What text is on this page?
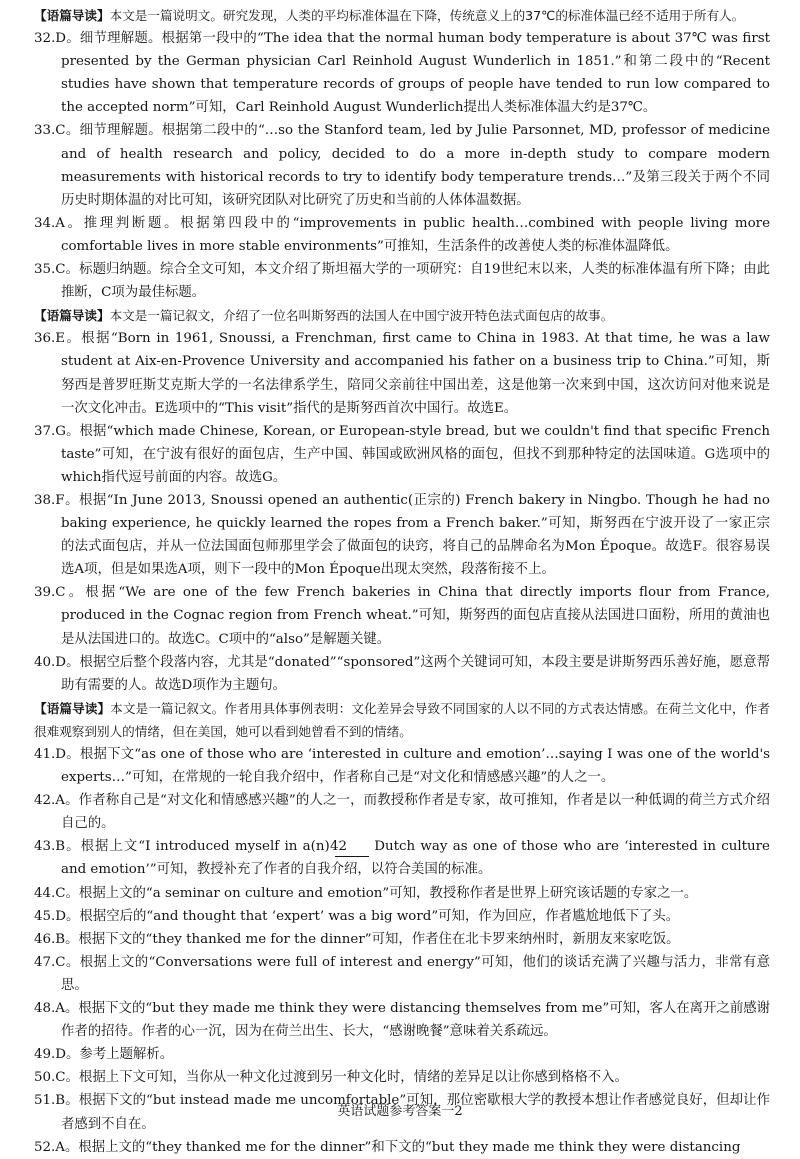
【语篇导读】本文是一篇说明文。研究发现，人类的平均标准体温在下降，传统意义上的37℃的标准体温已经不适用于所有人。

32.D。细节理解题。根据第一段中的“The idea that the normal human body temperature is about 37℃ was first presented by the German physician Carl Reinhold August Wunderlich in 1851.”和第二段中的“Recent studies have shown that temperature records of groups of people have tended to run low compared to the accepted norm”可知，Carl Reinhold August Wunderlich提出人类标准体温大约是37℃。

33.C。细节理解题。根据第二段中的“…so the Stanford team, led by Julie Parsonnet, MD, professor of medicine and of health research and policy, decided to do a more in-depth study to compare modern measurements with historical records to try to identify body temperature trends…”及第三段关于两个不同历史时期体温的对比可知，该研究团队对比研究了历史和当前的人体体温数据。

34.A。推理判断题。根据第四段中的“improvements in public health…combined with people living more comfortable lives in more stable environments”可推知，生活条件的改善使人类的标准体温降低。

35.C。标题归纳题。综合全文可知，本文介绍了斯坦福大学的一项研究：自19世纪末以来，人类的标准体温有所下降；由此推断，C项为最佳标题。

【语篇导读】本文是一篇记叙文，介绍了一位名叫斯努西的法国人在中国宁波开特色法式面包店的故事。

36.E。根据“Born in 1961, Snoussi, a Frenchman, first came to China in 1983. At that time, he was a law student at Aix-en-Provence University and accompanied his father on a business trip to China.”可知，斯努西是普罗旺斯艾克斯大学的一名法律系学生，陪同父亲前往中国出差，这是他第一次来到中国，这次访问对他来说是一次文化冲击。E选项中的“This visit”指代的是斯努西首次中国行。故选E。

37.G。根据“which made Chinese, Korean, or European-style bread, but we couldn't find that specific French taste”可知，在宁波有很好的面包店，生产中国、韩国或欧洲风格的面包，但找不到那种特定的法国味道。G选项中的which指代逗号前面的内容。故选G。

38.F。根据“In June 2013, Snoussi opened an authentic(正宗的) French bakery in Ningbo. Though he had no baking experience, he quickly learned the ropes from a French baker.”可知，斯努西在宁波开设了一家正宗的法式面包店，并从一位法国面包师那里学会了做面包的诀窍，将自己的品牌命名为Mon Époque。故选F。很容易误选A项，但是如果选A项，则下一段中的Mon Époque出现太突然，段落衔接不上。

39.C。根据“We are one of the few French bakeries in China that directly imports flour from France, produced in the Cognac region from French wheat.”可知，斯努西的面包店直接从法国进口面粉，所用的黄油也是从法国进口的。故选C。C项中的“also”是解题关键。

40.D。根据空后整个段落内容，尤其是“donated”“sponsored”这两个关键词可知，本段主要是讲斯努西乐善好施，愿意帮助有需要的人。故选D项作为主题句。

【语篇导读】本文是一篇记叙文。作者用具体事例表明：文化差异会导致不同国家的人以不同的方式表达情感。在荷兰文化中，作者很难观察到别人的情绪，但在美国，她可以看到她曾看不到的情绪。

41.D。根据下文“as one of those who are ‘interested in culture and emotion’…saying I was one of the world's experts…”可知，在常规的一轮自我介绍中，作者称自己是“对文化和情感感兴趣”的人之一。

42.A。作者称自己是“对文化和情感感兴趣”的人之一，而教授称作者是专家，故可推知，作者是以一种低调的荷兰方式介绍自己的。

43.B。根据上文“I introduced myself in a(n) 42 Dutch way as one of those who are ‘interested in culture and emotion’”可知，教授补充了作者的自我介绍，以符合美国的标准。

44.C。根据上文的“a seminar on culture and emotion”可知，教授称作者是世界上研究该话题的专家之一。

45.D。根据空后的“and thought that ‘expert’ was a big word”可知，作为回应，作者尴尬地低下了头。

46.B。根据下文的“they thanked me for the dinner”可知，作者住在北卡罗来纳州时，新朋友来家吃饭。

47.C。根据上文的“Conversations were full of interest and energy”可知，他们的谈话充满了兴趣与活力，非常有意思。

48.A。根据下文的“but they made me think they were distancing themselves from me”可知，客人在离开之前感谢作者的招待。作者的心一沉，因为在荷兰出生、长大，“感谢晚餐”意味着关系疏远。

49.D。参考上题解析。

50.C。根据上下文可知，当你从一种文化过渡到另一种文化时，情绪的差异足以让你感到格格不入。

51.B。根据下文的“but instead made me uncomfortable”可知，那位密歇根大学的教授本想让作者感觉良好，但却让作者感到不自在。

52.A。根据上文的“they thanked me for the dinner”和下文的“but they made me think they were distancing

英语试题参考答案一2
